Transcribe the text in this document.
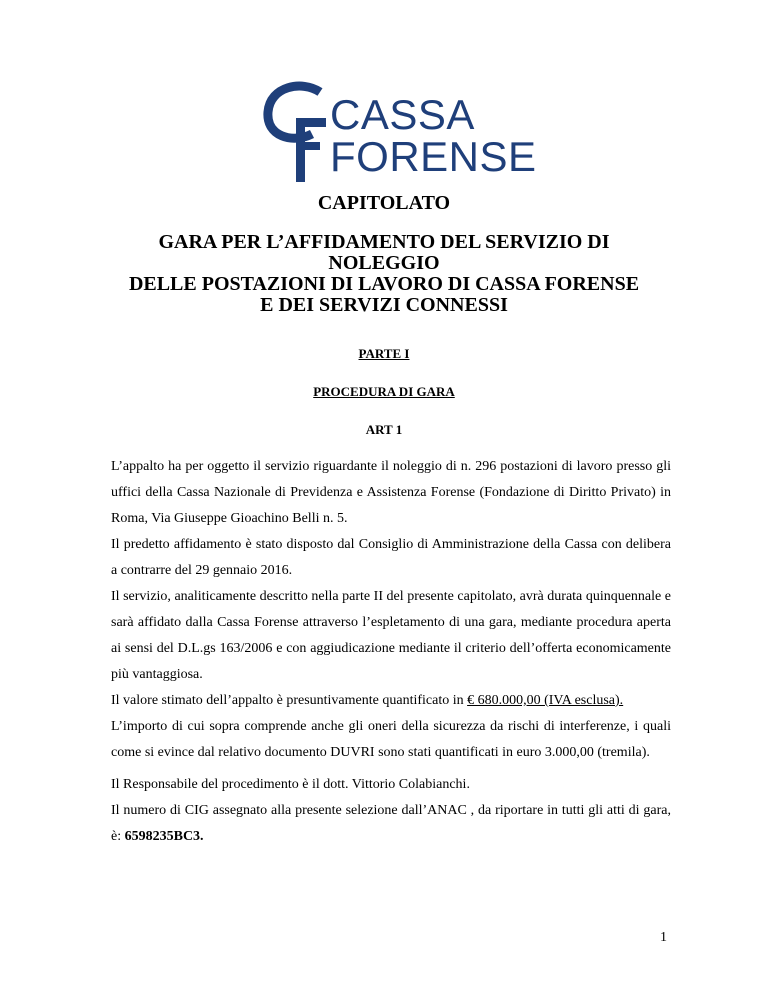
CASSA
FORENSE
CAPITOLATO
GARA PER L’AFFIDAMENTO DEL SERVIZIO DI
NOLEGGIO
DELLE POSTAZIONI DI LAVORO DI CASSA FORENSE
E DEI SERVIZI CONNESSI
PARTE I
PROCEDURA DI GARA
ART 1

L’appalto ha per oggetto il servizio riguardante il noleggio di n. 296 postazioni di lavoro presso gli uffici della Cassa Nazionale di Previdenza e Assistenza Forense (Fondazione di Diritto Privato) in Roma, Via Giuseppe Gioachino Belli n. 5.

Il predetto affidamento è stato disposto dal Consiglio di Amministrazione della Cassa con delibera a contrarre del 29 gennaio 2016.

Il servizio, analiticamente descritto nella parte II del presente capitolato, avrà durata quinquennale e sarà affidato dalla Cassa Forense attraverso l’espletamento di una gara, mediante procedura aperta ai sensi del D.L.gs 163/2006 e con aggiudicazione mediante il criterio dell’offerta economicamente più vantaggiosa.

Il valore stimato dell’appalto è presuntivamente quantificato in € 680.000,00 (IVA esclusa).

L’importo di cui sopra comprende anche gli oneri della sicurezza da rischi di interferenze, i quali come si evince dal relativo documento DUVRI sono stati quantificati in euro 3.000,00 (tremila).

Il Responsabile del procedimento è il dott. Vittorio Colabianchi.

Il numero di CIG assegnato alla presente selezione dall’ANAC , da riportare in tutti gli atti di gara, è: 6598235BC3.

1
